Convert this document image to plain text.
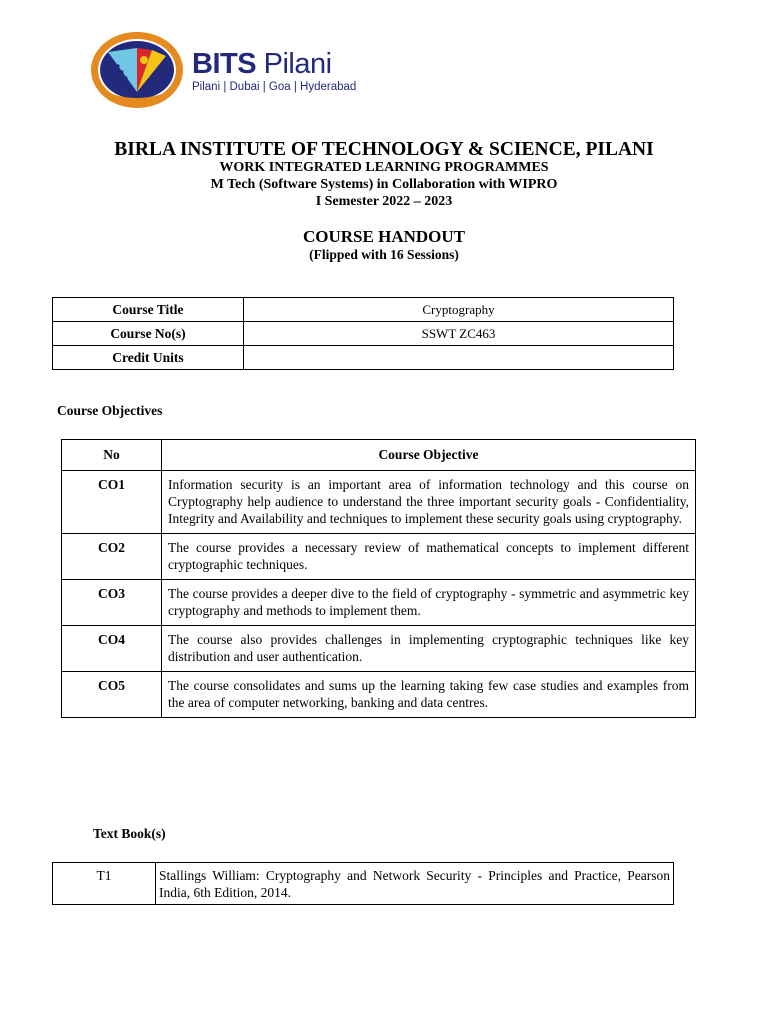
BITS Pilani
Pilani | Dubai | Goa | Hyderabad
BIRLA INSTITUTE OF TECHNOLOGY & SCIENCE, PILANI
WORK INTEGRATED LEARNING PROGRAMMES
M Tech (Software Systems) in Collaboration with WIPRO
I Semester 2022 – 2023
COURSE HANDOUT
(Flipped with 16 Sessions)
Course Title	Cryptography
Course No(s)	SSWT ZC463
Credit Units	
Course Objectives
No	Course Objective
CO1	Information security is an important area of information technology and this course on Cryptography help audience to understand the three important security goals - Confidentiality, Integrity and Availability and techniques to implement these security goals using cryptography.
CO2	The course provides a necessary review of mathematical concepts to implement different cryptographic techniques.
CO3	The course provides a deeper dive to the field of cryptography - symmetric and asymmetric key cryptography and methods to implement them.
CO4	The course also provides challenges in implementing cryptographic techniques like key distribution and user authentication.
CO5	The course consolidates and sums up the learning taking few case studies and examples from the area of computer networking, banking and data centres.
Text Book(s)
T1	Stallings William: Cryptography and Network Security - Principles and Practice, Pearson India, 6th Edition, 2014.
